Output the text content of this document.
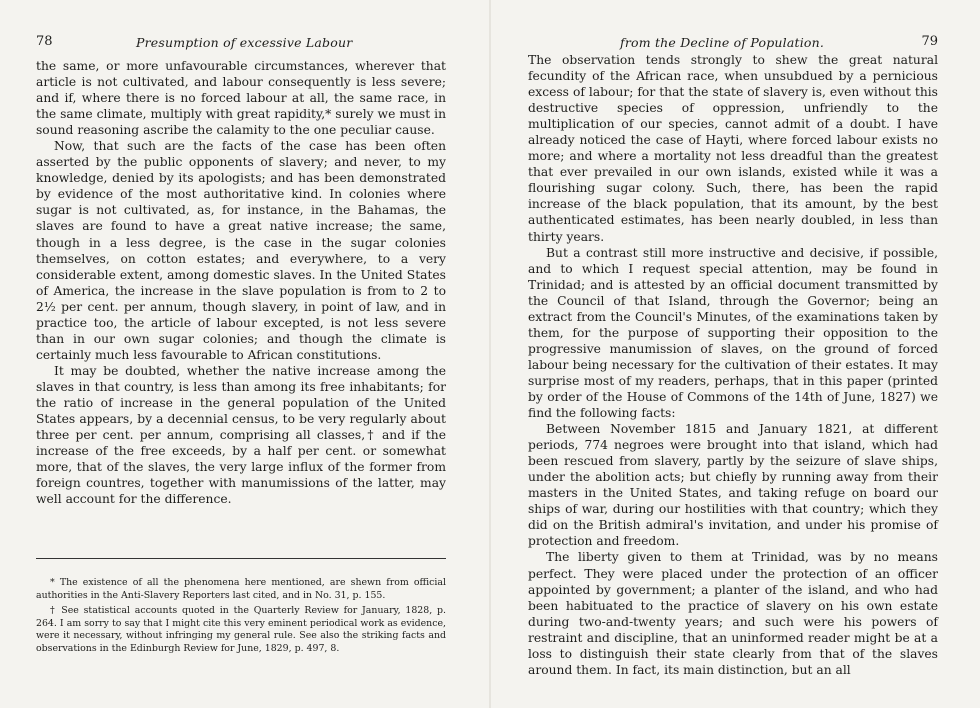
78	Presumption of excessive Labour

the same, or more unfavourable circumstances, wherever that article is not cultivated, and labour consequently is less severe; and if, where there is no forced labour at all, the same race, in the same climate, multiply with great rapidity,* surely we must in sound reasoning ascribe the calamity to the one peculiar cause.

Now, that such are the facts of the case has been often asserted by the public opponents of slavery; and never, to my knowledge, denied by its apologists; and has been demonstrated by evidence of the most authoritative kind. In colonies where sugar is not cultivated, as, for instance, in the Bahamas, the slaves are found to have a great native increase; the same, though in a less degree, is the case in the sugar colonies themselves, on cotton estates; and everywhere, to a very considerable extent, among domestic slaves. In the United States of America, the increase in the slave population is from to 2 to 2½ per cent. per annum, though slavery, in point of law, and in practice too, the article of labour excepted, is not less severe than in our own sugar colonies; and though the climate is certainly much less favourable to African constitutions.

It may be doubted, whether the native increase among the slaves in that country, is less than among its free inhabitants; for the ratio of increase in the general population of the United States appears, by a decennial census, to be very regularly about three per cent. per annum, comprising all classes,† and if the increase of the free exceeds, by a half per cent. or somewhat more, that of the slaves, the very large influx of the former from foreign countres, together with manumissions of the latter, may well account for the difference.

* The existence of all the phenomena here mentioned, are shewn from official authorities in the Anti-Slavery Reporters last cited, and in No. 31, p. 155.

† See statistical accounts quoted in the Quarterly Review for January, 1828, p. 264. I am sorry to say that I might cite this very eminent periodical work as evidence, were it necessary, without infringing my general rule. See also the striking facts and observations in the Edinburgh Review for June, 1829, p. 497, 8.

from the Decline of Population.	79

The observation tends strongly to shew the great natural fecundity of the African race, when unsubdued by a pernicious excess of labour; for that the state of slavery is, even without this destructive species of oppression, unfriendly to the multiplication of our species, cannot admit of a doubt. I have already noticed the case of Hayti, where forced labour exists no more; and where a mortality not less dreadful than the greatest that ever prevailed in our own islands, existed while it was a flourishing sugar colony. Such, there, has been the rapid increase of the black population, that its amount, by the best authenticated estimates, has been nearly doubled, in less than thirty years.

But a contrast still more instructive and decisive, if possible, and to which I request special attention, may be found in Trinidad; and is attested by an official document transmitted by the Council of that Island, through the Governor; being an extract from the Council's Minutes, of the examinations taken by them, for the purpose of supporting their opposition to the progressive manumission of slaves, on the ground of forced labour being necessary for the cultivation of their estates. It may surprise most of my readers, perhaps, that in this paper (printed by order of the House of Commons of the 14th of June, 1827) we find the following facts:

Between November 1815 and January 1821, at different periods, 774 negroes were brought into that island, which had been rescued from slavery, partly by the seizure of slave ships, under the abolition acts; but chiefly by running away from their masters in the United States, and taking refuge on board our ships of war, during our hostilities with that country; which they did on the British admiral's invitation, and under his promise of protection and freedom.

The liberty given to them at Trinidad, was by no means perfect. They were placed under the protection of an officer appointed by government; a planter of the island, and who had been habituated to the practice of slavery on his own estate during two-and-twenty years; and such were his powers of restraint and discipline, that an uninformed reader might be at a loss to distinguish their state clearly from that of the slaves around them. In fact, its main distinction, but an all
